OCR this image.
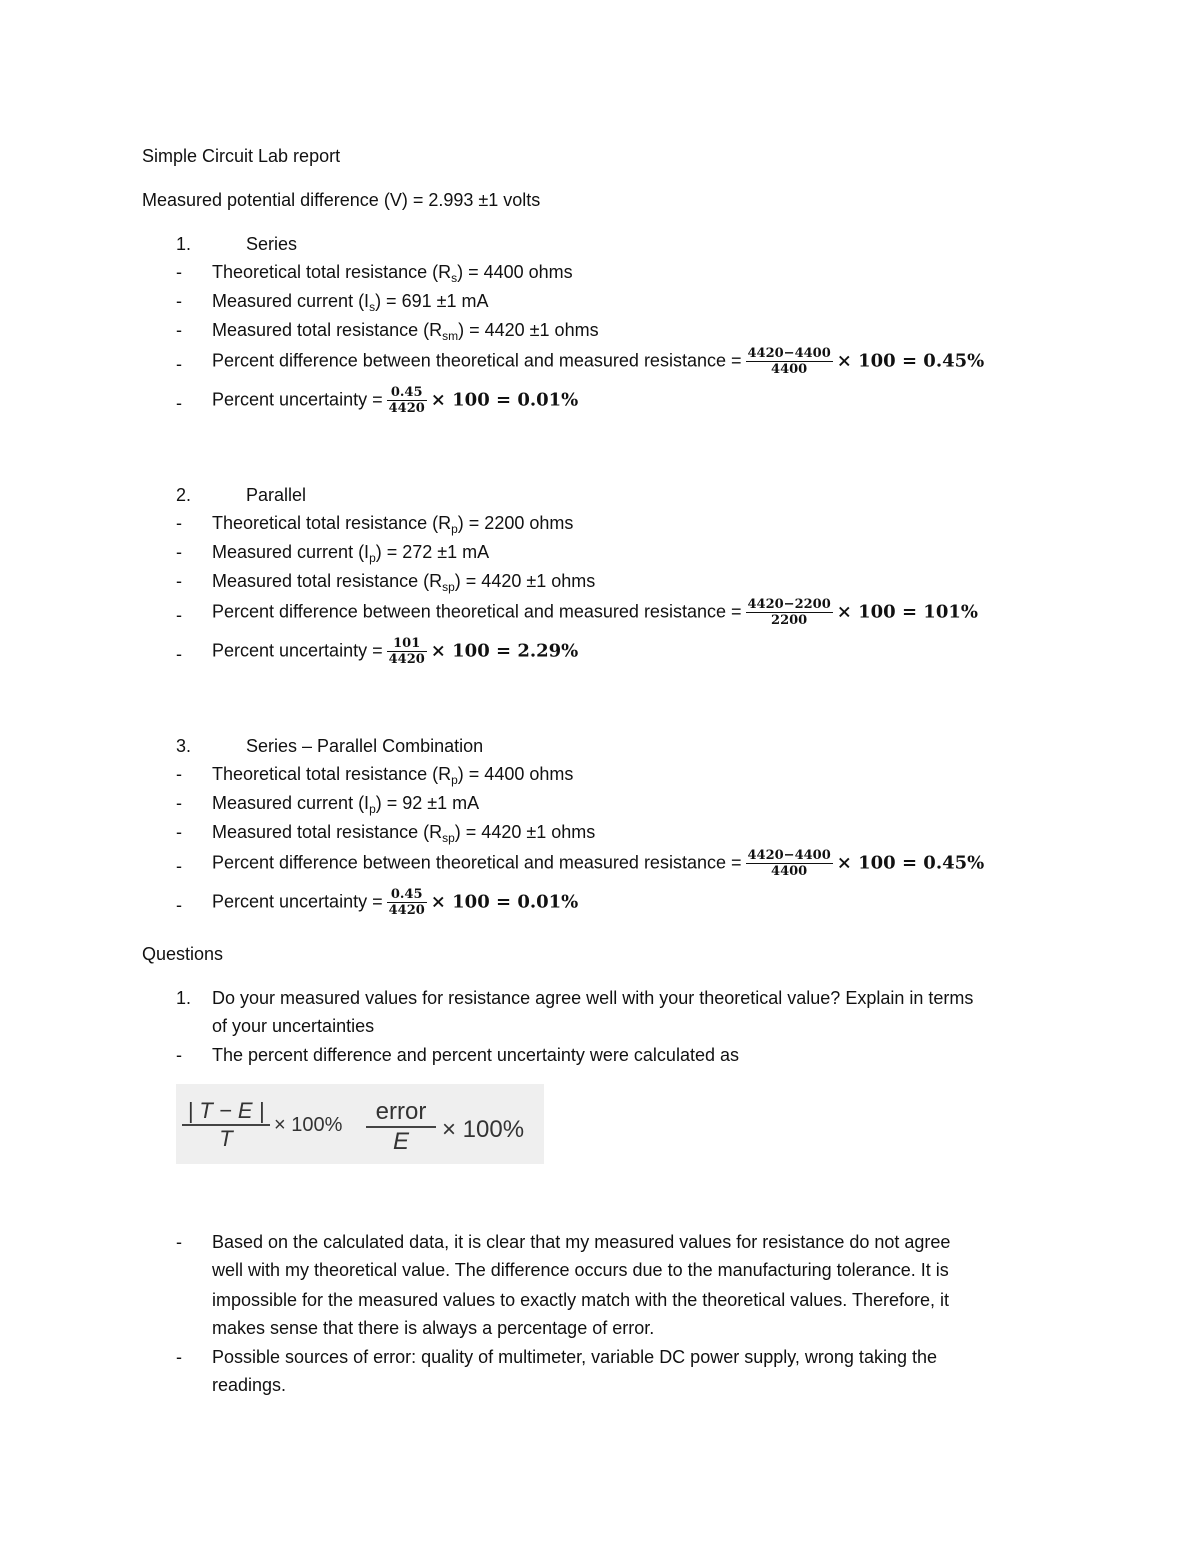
Simple Circuit Lab report
Measured potential difference (V) = 2.993 ±1 volts
1.	Series
- Theoretical total resistance $(R_s) = 4400$ ohms
- Measured current $(I_s) = 691 \pm 1$ mA
- Measured total resistance $(R_{sm}) = 4420 \pm 1$ ohms
- Percent difference between theoretical and measured resistance = $\frac{4420-4400}{4400} \times 100 = 0.45\%$
- Percent uncertainty = $\frac{0.45}{4420} \times 100 = 0.01\%$
2.	Parallel
- Theoretical total resistance $(R_p) = 2200$ ohms
- Measured current $(I_p) = 272 \pm 1$ mA
- Measured total resistance $(R_{sp}) = 4420 \pm 1$ ohms
- Percent difference between theoretical and measured resistance = $\frac{4420-2200}{2200} \times 100 = 101\%$
- Percent uncertainty = $\frac{101}{4420} \times 100 = 2.29\%$
3.	Series – Parallel Combination
- Theoretical total resistance $(R_p) = 4400$ ohms
- Measured current $(I_p) = 92 \pm 1$ mA
- Measured total resistance $(R_{sp}) = 4420 \pm 1$ ohms
- Percent difference between theoretical and measured resistance = $\frac{4420-4400}{4400} \times 100 = 0.45\%$
- Percent uncertainty = $\frac{0.45}{4420} \times 100 = 0.01\%$
Questions
1. Do your measured values for resistance agree well with your theoretical value? Explain in terms
of your uncertainties
- The percent difference and percent uncertainty were calculated as
$\frac{| T - E |}{T} \times 100\%$	error
E	× 100%
- Based on the calculated data, it is clear that my measured values for resistance do not agree
well with my theoretical value. The difference occurs due to the manufacturing tolerance. It is
impossible for the measured values to exactly match with the theoretical values. Therefore, it
makes sense that there is always a percentage of error.
- Possible sources of error: quality of multimeter, variable DC power supply, wrong taking the
readings.
